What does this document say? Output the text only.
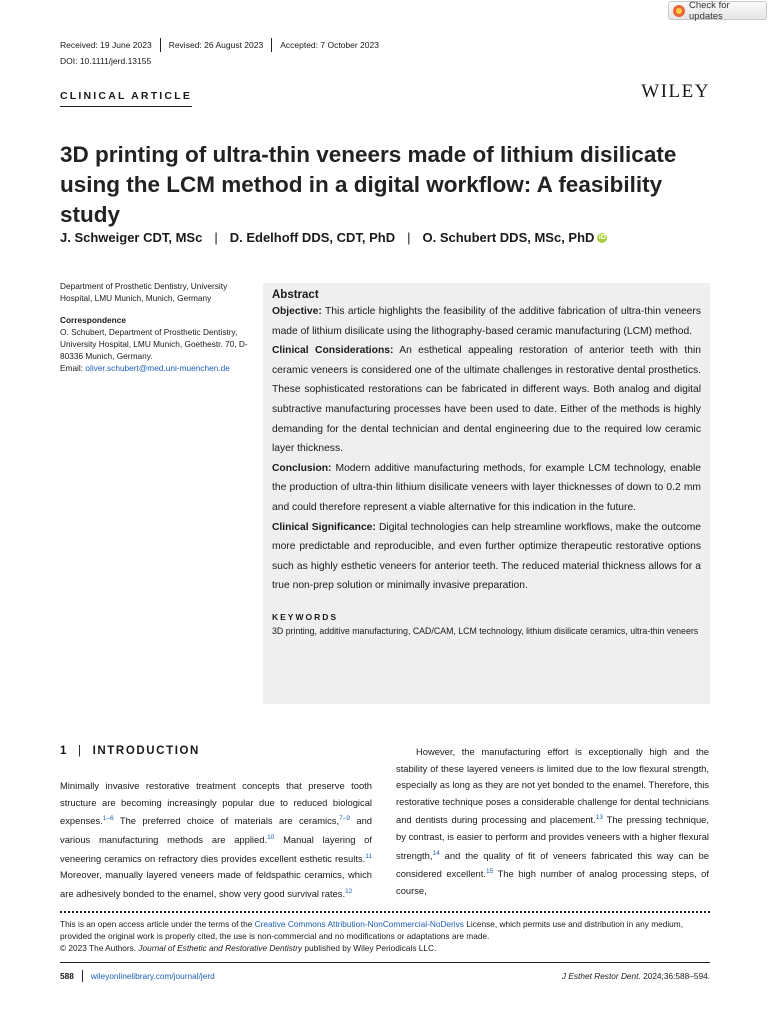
Check for updates
Received: 19 June 2023 Revised: 26 August 2023 Accepted: 7 October 2023
DOI: 10.1111/jerd.13155
CLINICAL ARTICLE	WILEY
3D printing of ultra-thin veneers made of lithium disilicate using the LCM method in a digital workflow: A feasibility study
J. Schweiger CDT, MSc | D. Edelhoff DDS, CDT, PhD | O. Schubert DDS, MSc, PhD iD
Department of Prosthetic Dentistry, University Hospital, LMU Munich, Munich, Germany
Correspondence
O. Schubert, Department of Prosthetic Dentistry, University Hospital, LMU Munich, Goethestr. 70, D-80336 Munich, Germany.
Email: oliver.schubert@med.uni-muenchen.de
Abstract

Objective: This article highlights the feasibility of the additive fabrication of ultra-thin veneers made of lithium disilicate using the lithography-based ceramic manufacturing (LCM) method.

Clinical Considerations: An esthetical appealing restoration of anterior teeth with thin ceramic veneers is considered one of the ultimate challenges in restorative dental prosthetics. These sophisticated restorations can be fabricated in different ways. Both analog and digital subtractive manufacturing processes have been used to date. Either of the methods is highly demanding for the dental technician and dental engineering due to the required low ceramic layer thickness.

Conclusion: Modern additive manufacturing methods, for example LCM technology, enable the production of ultra-thin lithium disilicate veneers with layer thicknesses of down to 0.2 mm and could therefore represent a viable alternative for this indication in the future.

Clinical Significance: Digital technologies can help streamline workflows, make the outcome more predictable and reproducible, and even further optimize therapeutic restorative options such as highly esthetic veneers for anterior teeth. The reduced material thickness allows for a true non-prep solution or minimally invasive preparation.

KEYWORDS
3D printing, additive manufacturing, CAD/CAM, LCM technology, lithium disilicate ceramics, ultra-thin veneers
1 | INTRODUCTION

Minimally invasive restorative treatment concepts that preserve tooth structure are becoming increasingly popular due to reduced biological expenses.$^{1-6}$ The preferred choice of materials are ceramics,$^{7-9}$ and various manufacturing methods are applied.$^{10}$ Manual layering of veneering ceramics on refractory dies provides excellent esthetic results.$^{11}$ Moreover, manually layered veneers made of feldspathic ceramics, which are adhesively bonded to the enamel, show very good survival rates.$^{12}$

However, the manufacturing effort is exceptionally high and the stability of these layered veneers is limited due to the low flexural strength, especially as long as they are not yet bonded to the enamel. Therefore, this restorative technique poses a considerable challenge for dental technicians and dentists during processing and placement.$^{13}$ The pressing technique, by contrast, is easier to perform and provides veneers with a higher flexural strength,$^{14}$ and the quality of fit of veneers fabricated this way can be considered excellent.$^{15}$ The high number of analog processing steps, of course,

This is an open access article under the terms of the Creative Commons Attribution-NonCommercial-NoDerivs License, which permits use and distribution in any medium, provided the original work is properly cited, the use is non-commercial and no modifications or adaptations are made.
© 2023 The Authors. Journal of Esthetic and Restorative Dentistry published by Wiley Periodicals LLC.
588 wileyonlinelibrary.com/journal/jerd	J Esthet Restor Dent. 2024;36:588–594.
